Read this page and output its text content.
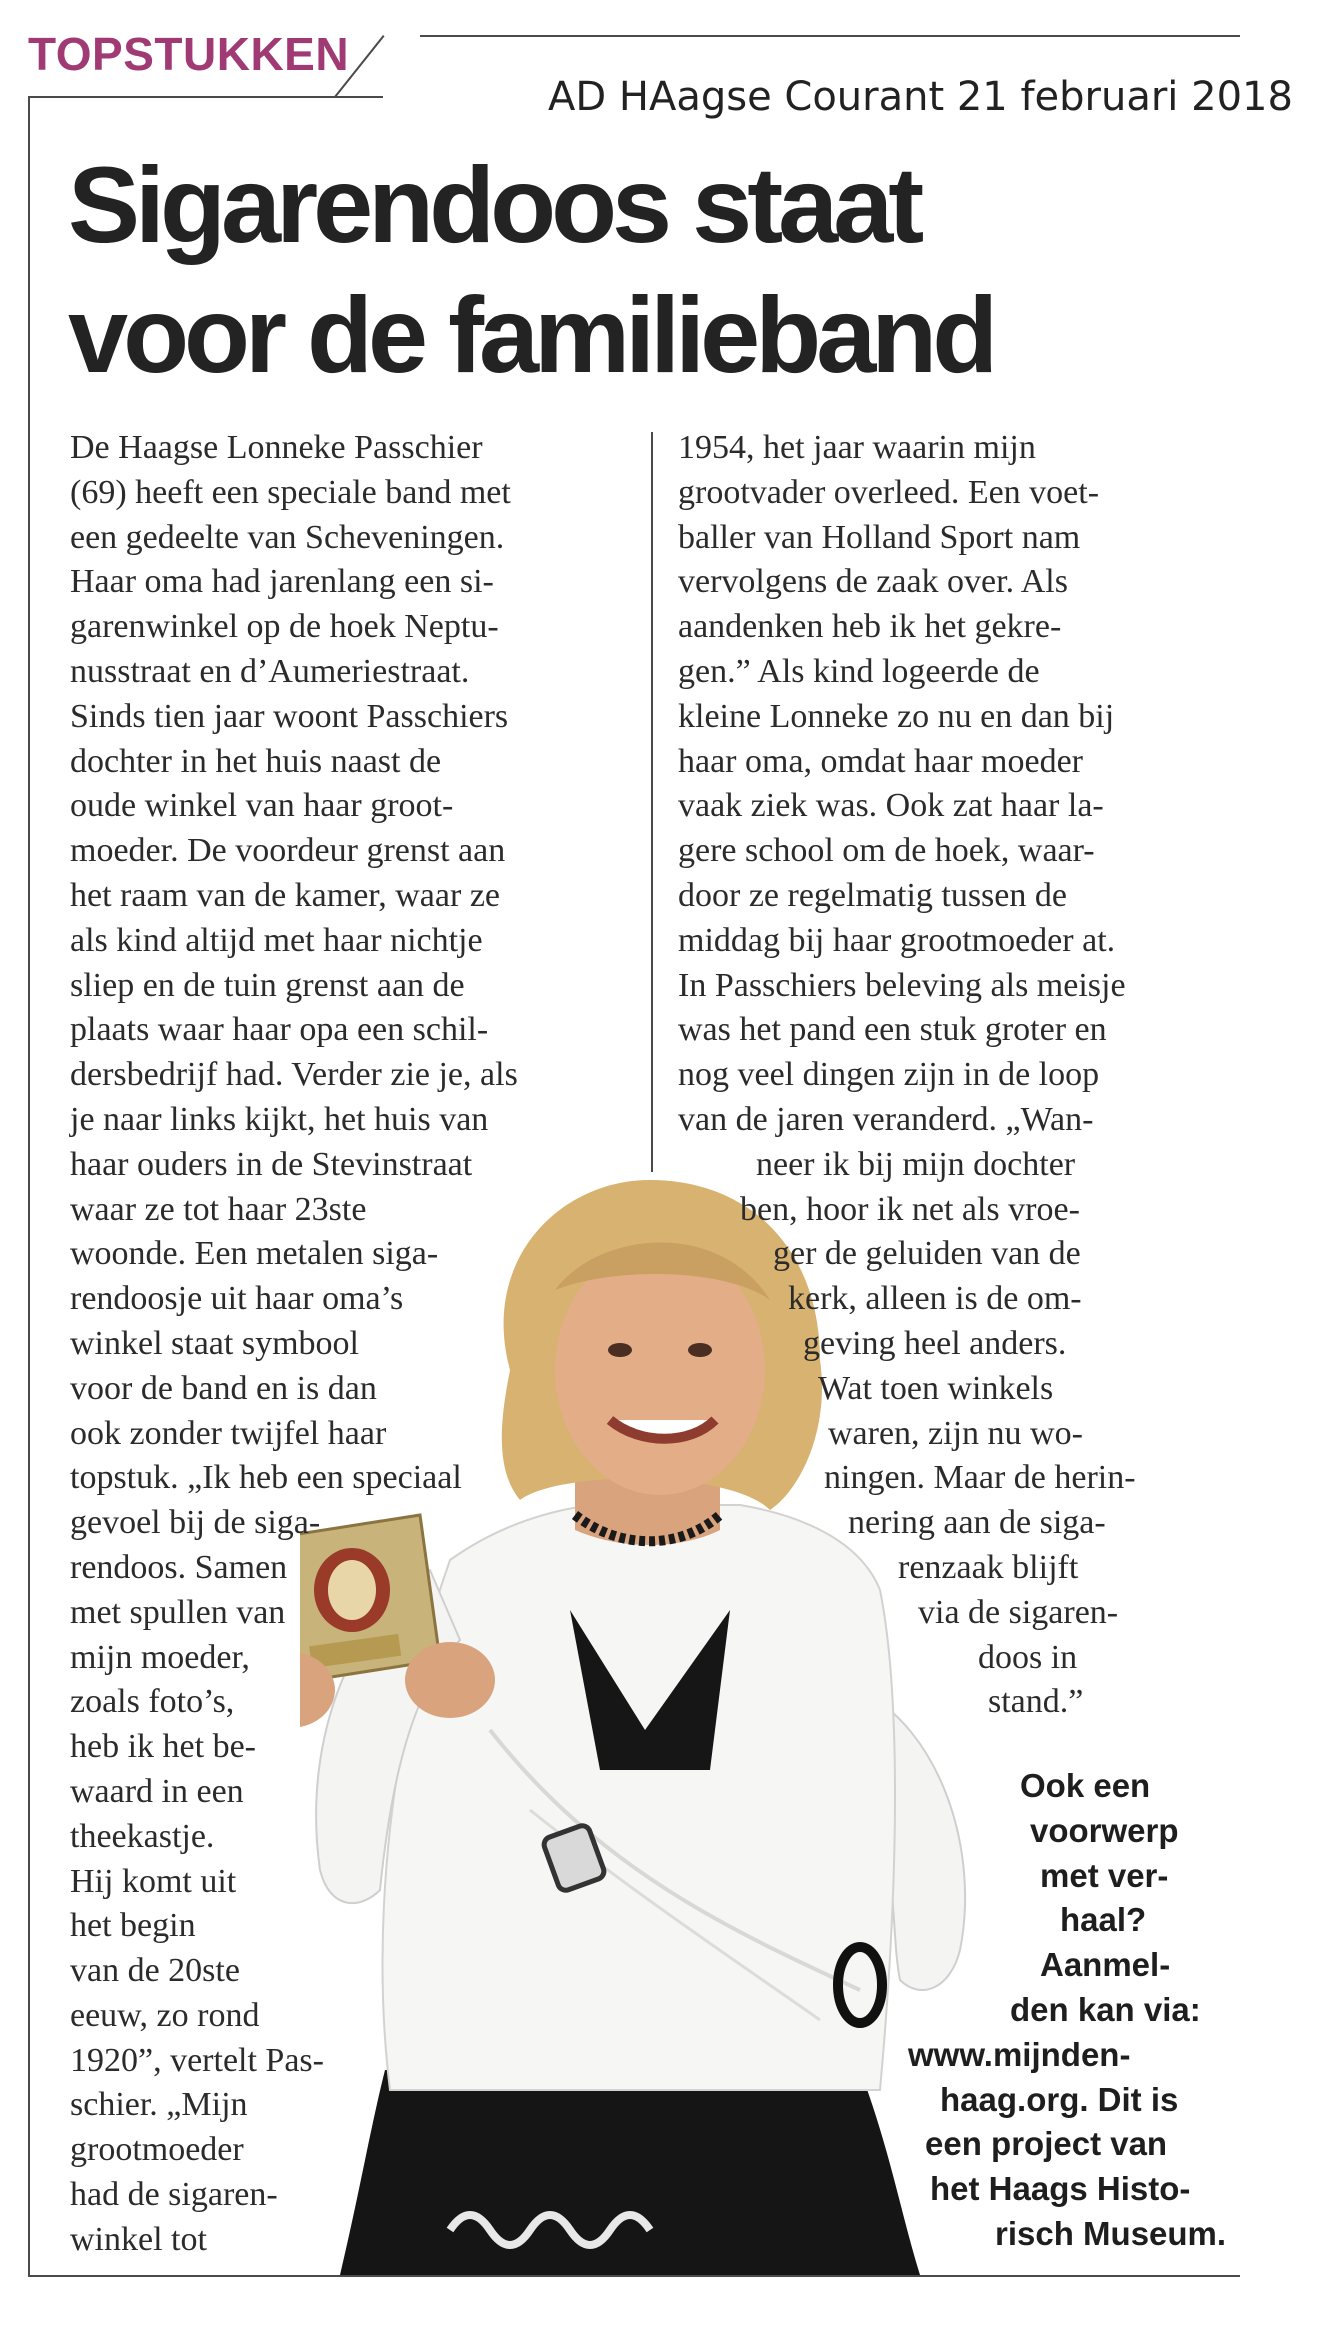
TOPSTUKKEN
AD HAagse Courant 21 februari 2018
Sigarendoos staat
voor de familieband
De Haagse Lonneke Passchier
(69) heeft een speciale band met
een gedeelte van Scheveningen.
Haar oma had jarenlang een si-
garenwinkel op de hoek Neptu-
nusstraat en d’Aumeriestraat.
Sinds tien jaar woont Passchiers
dochter in het huis naast de
oude winkel van haar groot-
moeder. De voordeur grenst aan
het raam van de kamer, waar ze
als kind altijd met haar nichtje
sliep en de tuin grenst aan de
plaats waar haar opa een schil-
dersbedrijf had. Verder zie je, als
je naar links kijkt, het huis van
haar ouders in de Stevinstraat
waar ze tot haar 23ste
woonde. Een metalen siga-
rendoosje uit haar oma’s
winkel staat symbool
voor de band en is dan
ook zonder twijfel haar
topstuk. „Ik heb een speciaal
gevoel bij de siga-
rendoos. Samen
met spullen van
mijn moeder,
zoals foto’s,
heb ik het be-
waard in een
theekastje.
Hij komt uit
het begin
van de 20ste
eeuw, zo rond
1920”, vertelt Pas-
schier. „Mijn
grootmoeder
had de sigaren-
winkel tot
1954, het jaar waarin mijn
grootvader overleed. Een voet-
baller van Holland Sport nam
vervolgens de zaak over. Als
aandenken heb ik het gekre-
gen.” Als kind logeerde de
kleine Lonneke zo nu en dan bij
haar oma, omdat haar moeder
vaak ziek was. Ook zat haar la-
gere school om de hoek, waar-
door ze regelmatig tussen de
middag bij haar grootmoeder at.
In Passchiers beleving als meisje
was het pand een stuk groter en
nog veel dingen zijn in de loop
van de jaren veranderd. „Wan-
neer ik bij mijn dochter
ben, hoor ik net als vroe-
ger de geluiden van de
kerk, alleen is de om-
geving heel anders.
Wat toen winkels
waren, zijn nu wo-
ningen. Maar de herin-
nering aan de siga-
renzaak blijft
via de sigaren-
doos in
stand.”
Ook een
voorwerp
met ver-
haal?
Aanmel-
den kan via:
www.mijnden-
haag.org. Dit is
een project van
het Haags Histo-
risch Museum.
